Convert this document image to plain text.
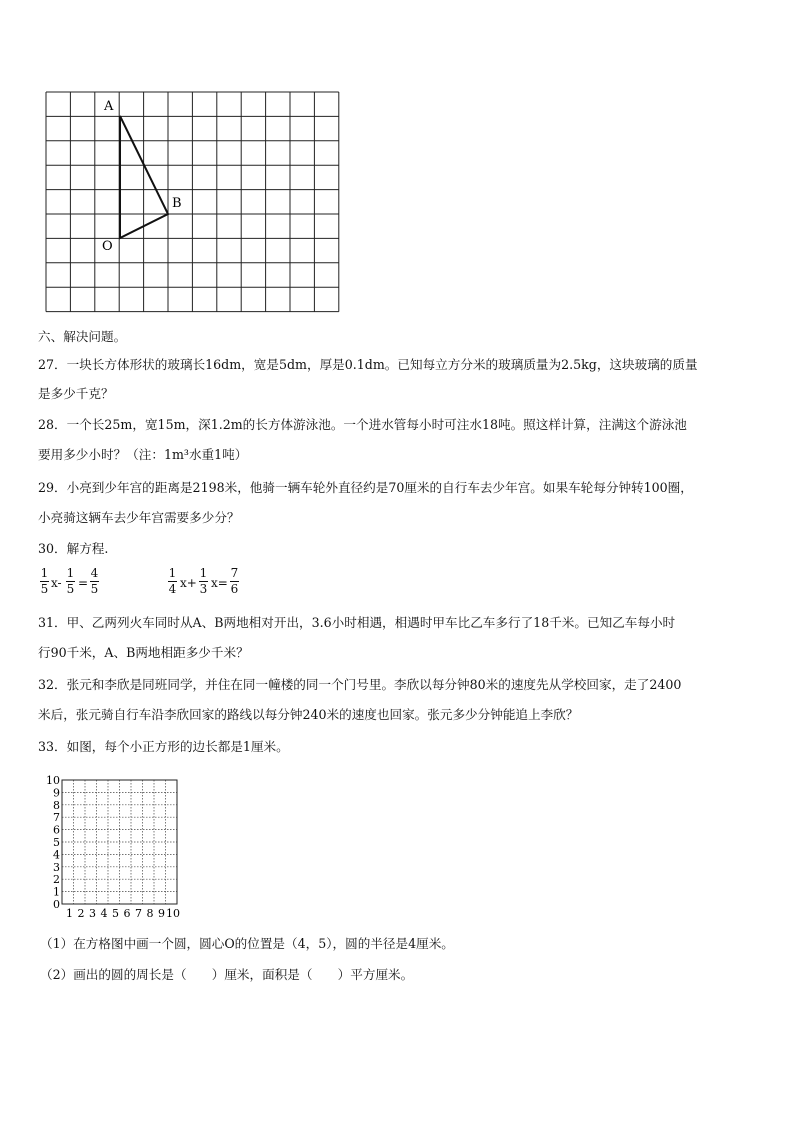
A
B
O
六、解决问题。
27．一块长方体形状的玻璃长16dm，宽是5dm，厚是0.1dm。已知每立方分米的玻璃质量为2.5kg，这块玻璃的质量
是多少千克？
28．一个长25m，宽15m，深1.2m的长方体游泳池。一个进水管每小时可注水18吨。照这样计算，注满这个游泳池
要用多少小时？（注：1m³水重1吨）
29．小亮到少年宫的距离是2198米，他骑一辆车轮外直径约是70厘米的自行车去少年宫。如果车轮每分钟转100圈，
小亮骑这辆车去少年宫需要多少分？
30．解方程.
1
5 x-
1
5 =
4
5
1
4 x+
1
3 x=
7
6
31．甲、乙两列火车同时从A、B两地相对开出，3.6小时相遇，相遇时甲车比乙车多行了18千米。已知乙车每小时
行90千米，A、B两地相距多少千米？
32．张元和李欣是同班同学，并住在同一幢楼的同一个门号里。李欣以每分钟80米的速度先从学校回家，走了2400
米后，张元骑自行车沿李欣回家的路线以每分钟240米的速度也回家。张元多少分钟能追上李欣？
33．如图，每个小正方形的边长都是1厘米。
0
1
2
3
4
5
6
7
8
9
10
1 2 3 4 5 6 7 8 9 10
（1）在方格图中画一个圆，圆心O的位置是（4，5），圆的半径是4厘米。
（2）画出的圆的周长是（　　）厘米，面积是（　　）平方厘米。
